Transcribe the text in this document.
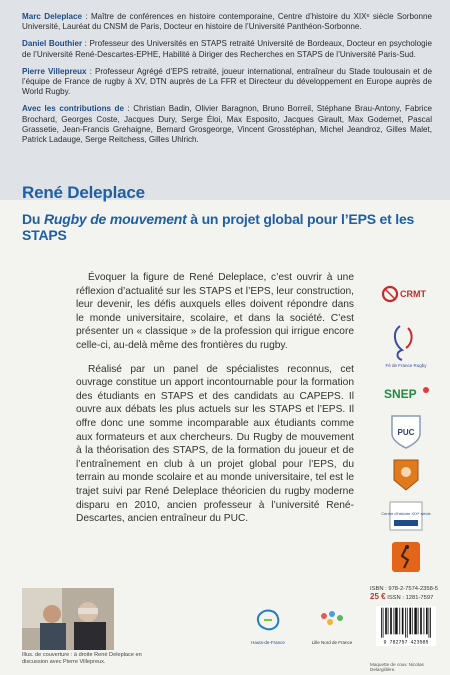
Marc Deleplace : Maître de conférences en histoire contemporaine, Centre d’histoire du XIXᵉ siècle Sorbonne Université, Lauréat du CNSM de Paris, Docteur en histoire de l’Université Panthéon-Sorbonne.

Daniel Bouthier : Professeur des Universités en STAPS retraité Université de Bordeaux, Docteur en psychologie de l’Université René-Descartes-EPHE, Habilité à Diriger des Recherches en STAPS de l’Université Paris-Sud.

Pierre Villepreux : Professeur Agrégé d’EPS retraité, joueur international, entraîneur du Stade toulousain et de l’équipe de France de rugby à XV, DTN auprès de La FFR et Directeur du développement en Europe auprès de World Rugby.

Avec les contributions de : Christian Badin, Olivier Baragnon, Bruno Borreil, Stéphane Brau-Antony, Fabrice Brochard, Georges Coste, Jacques Dury, Serge Éloi, Max Esposito, Jacques Girault, Max Godernet, Pascal Grassetie, Jean-Francis Grehaigne, Bernard Grosgeorge, Vincent Grosstéphan, Michel Jeandroz, Gilles Malet, Patrick Ladauge, Serge Reitchess, Gilles Uhlrich.

René Deleplace
Du Rugby de mouvement à un projet global pour l’EPS et les STAPS

Évoquer la figure de René Deleplace, c’est ouvrir à une réflexion d’actualité sur les STAPS et l’EPS, leur construction, leur devenir, les défis auxquels elles doivent répondre dans le monde universitaire, scolaire, et dans la société. C’est présenter un « classique » de la profession qui irrigue encore celle-ci, au-delà même des frontières du rugby.

Réalisé par un panel de spécialistes reconnus, cet ouvrage constitue un apport incontournable pour la formation des étudiants en STAPS et des candidats au CAPEPS. Il ouvre aux débats les plus actuels sur les STAPS et l’EPS. Il offre donc une somme incomparable aux étudiants comme aux formateurs et aux chercheurs. Du Rugby de mouvement à la théorisation des STAPS, de la formation du joueur et de l’entraînement en club à un projet global pour l’EPS, du terrain au monde scolaire et au monde universitaire, tel est le trajet suivi par René Deleplace théoricien du rugby moderne disparu en 2010, ancien professeur à l’université René-Descartes, ancien entraîneur du PUC.

CRMT
Fé de France Rugby
SNEP
PUC
Centre d'histoire XIXᵉ siècle
Illus. de couverture : à droite René Deleplace en discussion avec Pierre Villepreux.
Hauts-de-France	Lille Nord de France
ISBN : 978-2-7574-2358-5
25 € ISSN : 1281-7597
9 782757 423585
Maquette de couv. Nicolas Delargillière.
